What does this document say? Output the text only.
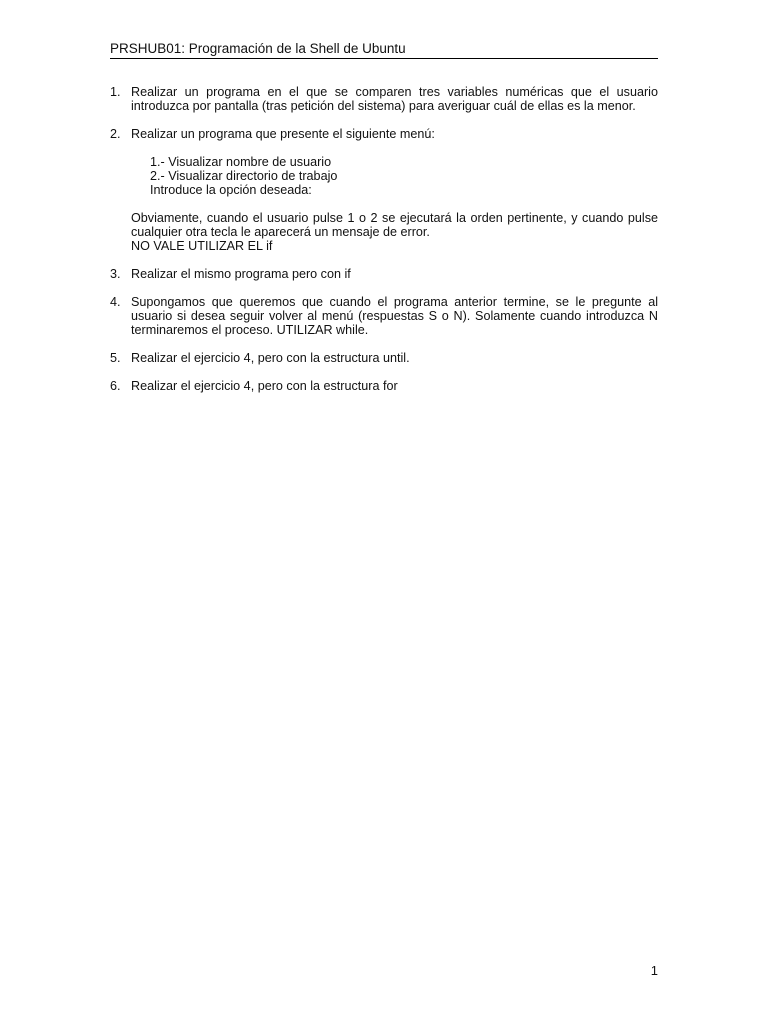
PRSHUB01: Programación de la Shell de Ubuntu
1. Realizar un programa en el que se comparen tres variables numéricas que el usuario
introduzca por pantalla (tras petición del sistema) para averiguar cuál de ellas es la menor.
2. Realizar un programa que presente el siguiente menú:
1.- Visualizar nombre de usuario
2.- Visualizar directorio de trabajo
Introduce la opción deseada:
Obviamente, cuando el usuario pulse 1 o 2 se ejecutará la orden pertinente, y cuando pulse
cualquier otra tecla le aparecerá un mensaje de error.
NO VALE UTILIZAR EL if
3. Realizar el mismo programa pero con if
4. Supongamos que queremos que cuando el programa anterior termine, se le pregunte al
usuario si desea seguir volver al menú (respuestas S o N). Solamente cuando introduzca N
terminaremos el proceso. UTILIZAR while.
5. Realizar el ejercicio 4, pero con la estructura until.
6. Realizar el ejercicio 4, pero con la estructura for
1
